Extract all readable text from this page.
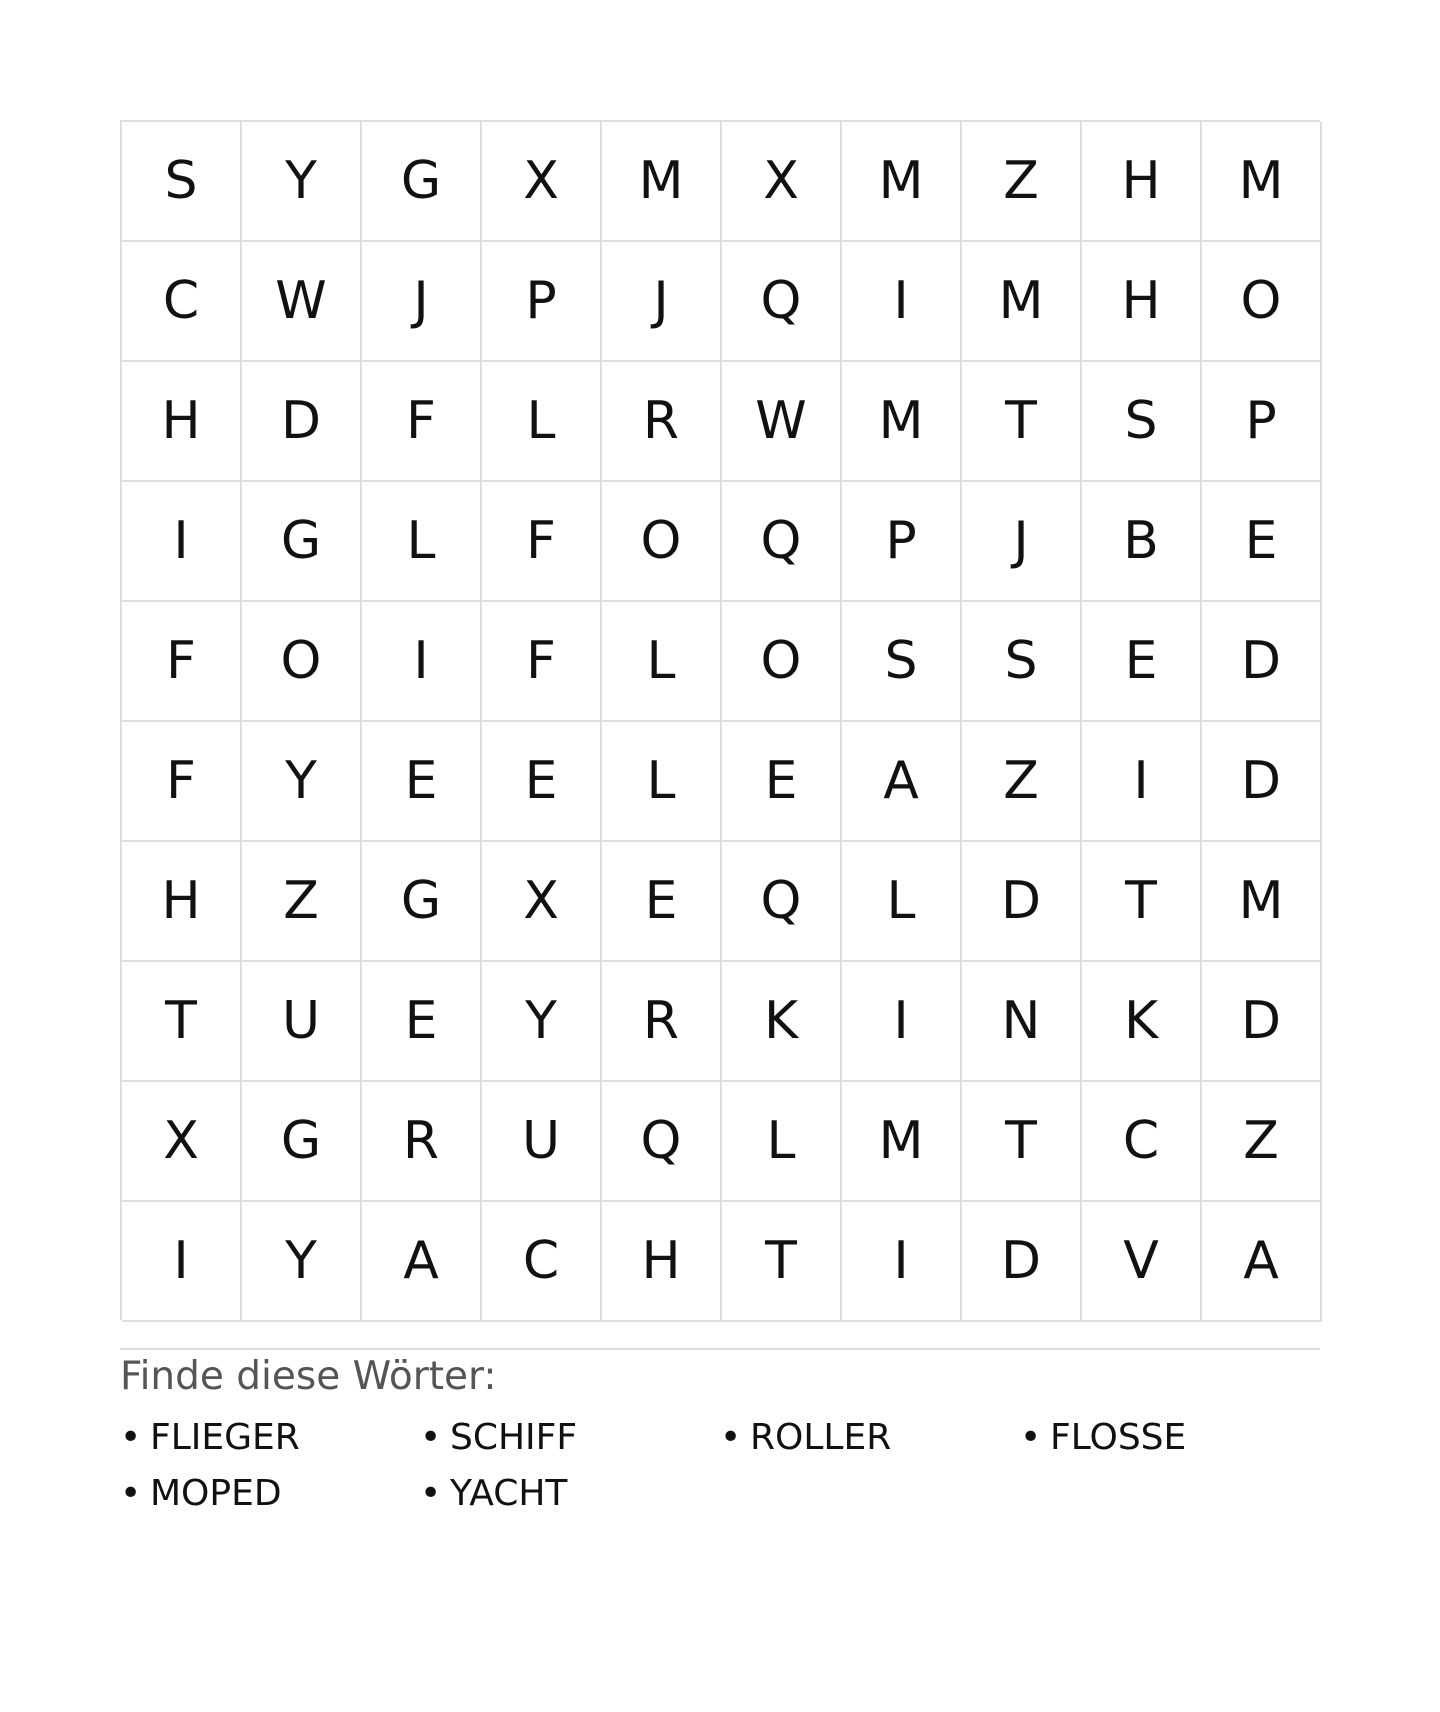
S	Y	G	X	M	X	M	Z	H	M
C	W	J	P	J	Q	I	M	H	O
H	D	F	L	R	W	M	T	S	P
I	G	L	F	O	Q	P	J	B	E
F	O	I	F	L	O	S	S	E	D
F	Y	E	E	L	E	A	Z	I	D
H	Z	G	X	E	Q	L	D	T	M
T	U	E	Y	R	K	I	N	K	D
X	G	R	U	Q	L	M	T	C	Z
I	Y	A	C	H	T	I	D	V	A
Finde diese Wörter:
• FLIEGER	• SCHIFF	• ROLLER	• FLOSSE
• MOPED	• YACHT
